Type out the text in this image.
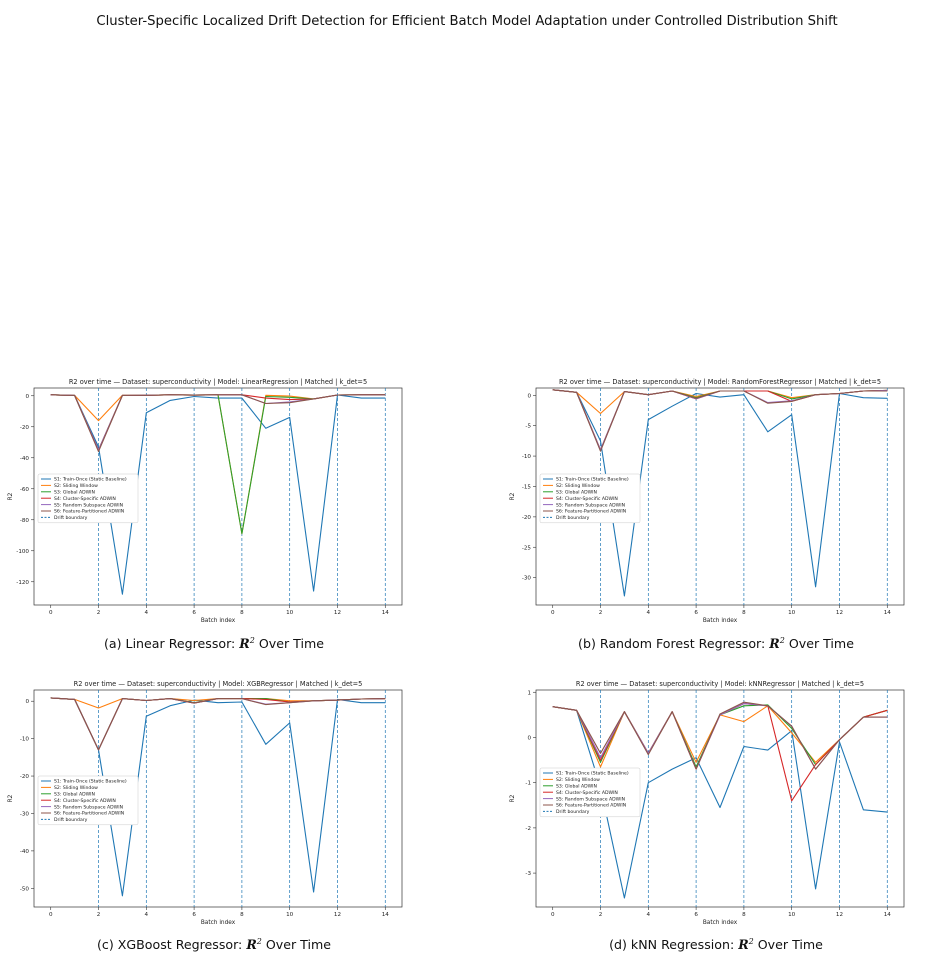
Cluster-Specific Localized Drift Detection for Efficient Batch Model Adaptation under Controlled Distribution Shift
R2 over time — Dataset: superconductivity | Model: LinearRegression | Matched | k_det=5
0	2	4	6	8	10	12	14
0
-20
-40
-60
-80
-100
-120
Batch index
R2
S1: Train-Once (Static Baseline)
S2: Sliding Window
S3: Global ADWIN
S4: Cluster-Specific ADWIN
S5: Random Subspace ADWIN
S6: Feature-Partitioned ADWIN
Drift boundary
(a) Linear Regressor: $R^2$ Over Time
R2 over time — Dataset: superconductivity | Model: RandomForestRegressor | Matched | k_det=5
0	2	4	6	8	10	12	14
0
-5
-10
-15
-20
-25
-30
Batch index
R2
S1: Train-Once (Static Baseline)
S2: Sliding Window
S3: Global ADWIN
S4: Cluster-Specific ADWIN
S5: Random Subspace ADWIN
S6: Feature-Partitioned ADWIN
Drift boundary
(b) Random Forest Regressor: $R^2$ Over Time
R2 over time — Dataset: superconductivity | Model: XGBRegressor | Matched | k_det=5
0	2	4	6	8	10	12	14
0
-10
-20
-30
-40
-50
Batch index
R2
S1: Train-Once (Static Baseline)
S2: Sliding Window
S3: Global ADWIN
S4: Cluster-Specific ADWIN
S5: Random Subspace ADWIN
S6: Feature-Partitioned ADWIN
Drift boundary
(c) XGBoost Regressor: $R^2$ Over Time
R2 over time — Dataset: superconductivity | Model: kNNRegressor | Matched | k_det=5
0	2	4	6	8	10	12	14
1
0
-1
-2
-3
Batch index
R2
S1: Train-Once (Static Baseline)
S2: Sliding Window
S3: Global ADWIN
S4: Cluster-Specific ADWIN
S5: Random Subspace ADWIN
S6: Feature-Partitioned ADWIN
Drift boundary
(d) kNN Regression: $R^2$ Over Time
